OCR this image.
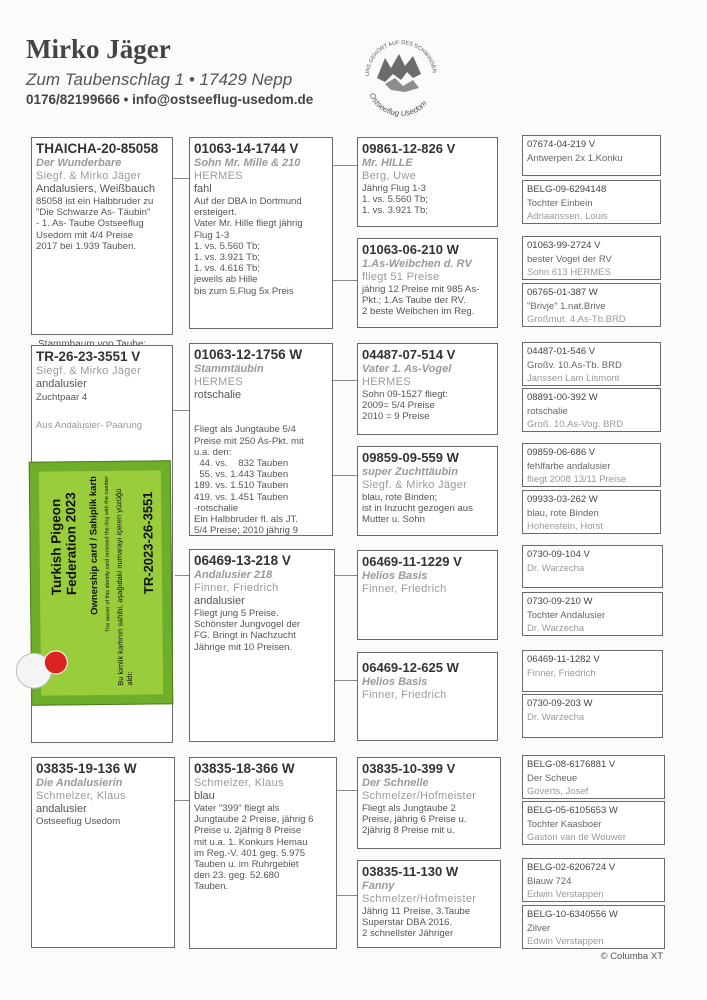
Mirko Jäger
Zum Taubenschlag 1 • 17429 Nepp
0176/82199666 • info@ostseeflug-usedom.de
UNS GEHÖRT AUF DES SCHWINGEN
Ostseeflug Usedom
THAICHA-20-85058
Der Wunderbare
Siegf. & Mirko Jäger
Andalusiers, Weißbauch
85058 ist ein Halbbruder zu
"Die Schwarze As- Täubin"
- 1. As- Taube Ostseeflug
Usedom mit 4/4 Preise
2017 bei 1.939 Tauben.
TR-26-23-3551 V
Siegf. & Mirko Jäger
andalusier
Zuchtpaar 4

Aus Andalusier- Paarung
Turkish Pigeon
Federation 2023 Ownership card / Sahiplik kartı The owner of this identity card received the ring with the number Bu kimlik kartının sahibi, aşağıdaki numarayı içeren yüzüğü aldı:
TR-2023-26-3551
03835-19-136 W
Die Andalusierin
Schmelzer, Klaus
andalusier
Ostseeflug Usedom
01063-14-1744 V
Sohn Mr. Mille & 210
HERMES
fahl
Auf der DBA in Dortmund
ersteigert.
Vater Mr. Hille fliegt jährig
Flug 1-3
1. vs. 5.560 Tb;
1. vs. 3.921 Tb;
1. vs. 4.616 Tb;
jeweils ab Hille
bis zum 5.Flug 5x Preis
01063-12-1756 W
Stammtäubin
HERMES
rotschalie

Fliegt als Jungtaube 5/4
Preise mit 250 As-Pkt. mit
u.a. den:
44. vs.    832 Tauben
55. vs. 1.443 Tauben
189. vs. 1.510 Tauben
419. vs. 1.451 Tauben
-rotschalie
Ein Halbbruder fl. als JT.
5/4 Preise; 2010 jährig 9

06469-13-218 V
Andalusier 218
Finner, Friedrich
andalusier
Fliegt jung 5 Preise.
Schönster Jungvogel der
FG. Bringt in Nachzucht
Jährige mit 10 Preisen.
03835-18-366 W
Schmelzer, Klaus
blau
Vater "399" fliegt als
Jungtaube 2 Preise, jährig 6
Preise u. 2jährig 8 Preise
mit u.a. 1. Konkurs Hemau
im Reg.-V. 401 geg. 5.975
Tauben u. im Ruhrgebiet
den 23. geg. 52.680
Tauben.
09861-12-826 V
Mr. HILLE
Berg, Uwe
Jährig Flug 1-3
1. vs. 5.560 Tb;
1. vs. 3.921 Tb;
01063-06-210 W
1.As-Weibchen d. RV
fliegt 51 Preise
jährig 12 Preise mit 985 As-
Pkt.; 1.As Taube der RV.
2 beste Weibchen im Reg.
04487-07-514 V
Vater 1. As-Vogel
HERMES
Sohn 09-1527 fliegt:
2009= 5/4 Preise
2010 = 9 Preise
09859-09-559 W
super Zuchttäubin
Siegf. & Mirko Jäger
blau, rote Binden;
ist in Inzucht gezogen aus
Mutter u. Sohn
06469-11-1229 V
Helios Basis
Finner, Friedrich
06469-12-625 W
Helios Basis
Finner, Friedrich
03835-10-399 V
Der Schnelle
Schmelzer/Hofmeister
Fliegt als Jungtaube 2
Preise, jährig 6 Preise u.
2jährig 8 Preise mit u.
03835-11-130 W
Fanny
Schmelzer/Hofmeister
Jährig 11 Preise, 3.Taube
Superstar DBA 2016.
2 schnellster Jähriger
07674-04-219 V
Antwerpen 2x 1.Konku
BELG-09-6294148
Tochter Einbein
Adriaanssen, Louis
01063-99-2724 V
bester Vogel der RV
Sohn 613 HERMES
06765-01-387 W
"Brivje" 1.nat.Brive
Großmut. 4.As-Tb.BRD
04487-01-546 V
Großv. 10.As-Tb. BRD
Janssen Lam Lismont
08891-00-392 W
rotschalie
Groß. 10.As-Vog. BRD
09859-06-686 V
fehlfarbe andalusier
fliegt 2008 13/11 Preise
09933-03-262 W
blau, rote Binden
Hohenstein, Horst
0730-09-104 V
Dr. Warzecha
0730-09-210 W
Tochter Andalusier
Dr. Warzecha
06469-11-1282 V
Finner, Friedrich
0730-09-203 W
Dr. Warzecha
BELG-08-6176881 V
Der Scheue
Goverts, Josef
BELG-05-6105653 W
Tochter Kaasboer
Gaston van de Wouwer
BELG-02-6206724 V
Blauw 724
Edwin Verstappen
BELG-10-6340556 W
Zilver
Edwin Verstappen
© Columba XT
